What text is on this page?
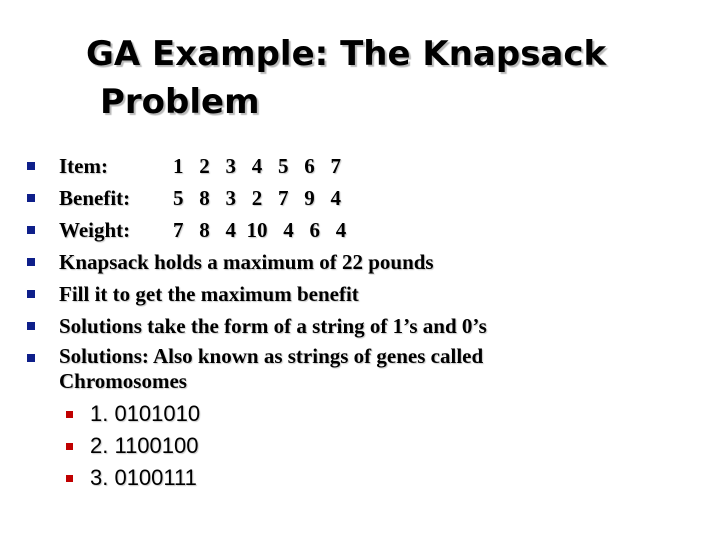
GA Example: The Knapsack
Problem
Item:	1   2   3   4   5   6   7
Benefit: 5   8   3   2   7   9   4
Weight: 7   8   4  10   4   6   4
Knapsack holds a maximum of 22 pounds
Fill it to get the maximum benefit
Solutions take the form of a string of 1’s and 0’s
Solutions: Also known as strings of genes called Chromosomes
1. 0101010
2. 1100100
3. 0100111
